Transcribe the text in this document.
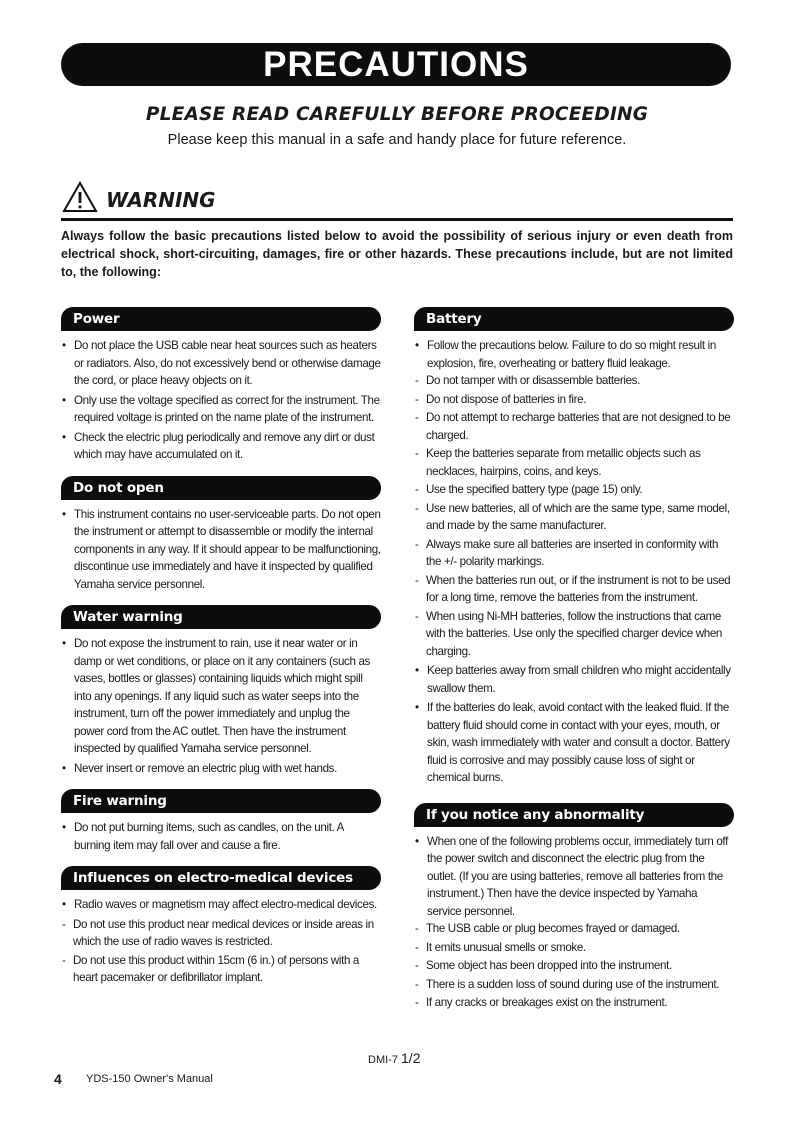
PRECAUTIONS
PLEASE READ CAREFULLY BEFORE PROCEEDING
Please keep this manual in a safe and handy place for future reference.
WARNING
Always follow the basic precautions listed below to avoid the possibility of serious injury or even death from electrical shock, short-circuiting, damages, fire or other hazards. These precautions include, but are not limited to, the following:
Power
• Do not place the USB cable near heat sources such as heaters or radiators. Also, do not excessively bend or otherwise damage the cord, or place heavy objects on it.
• Only use the voltage specified as correct for the instrument. The required voltage is printed on the name plate of the instrument.
• Check the electric plug periodically and remove any dirt or dust which may have accumulated on it.
Do not open
• This instrument contains no user-serviceable parts. Do not open the instrument or attempt to disassemble or modify the internal components in any way. If it should appear to be malfunctioning, discontinue use immediately and have it inspected by qualified Yamaha service personnel.
Water warning
• Do not expose the instrument to rain, use it near water or in damp or wet conditions, or place on it any containers (such as vases, bottles or glasses) containing liquids which might spill into any openings. If any liquid such as water seeps into the instrument, turn off the power immediately and unplug the power cord from the AC outlet. Then have the instrument inspected by qualified Yamaha service personnel.
• Never insert or remove an electric plug with wet hands.
Fire warning
• Do not put burning items, such as candles, on the unit. A burning item may fall over and cause a fire.
Influences on electro-medical devices
• Radio waves or magnetism may affect electro-medical devices.
- Do not use this product near medical devices or inside areas in which the use of radio waves is restricted.
- Do not use this product within 15cm (6 in.) of persons with a heart pacemaker or defibrillator implant.
Battery
• Follow the precautions below. Failure to do so might result in explosion, fire, overheating or battery fluid leakage.
- Do not tamper with or disassemble batteries.
- Do not dispose of batteries in fire.
- Do not attempt to recharge batteries that are not designed to be charged.
- Keep the batteries separate from metallic objects such as necklaces, hairpins, coins, and keys.
- Use the specified battery type (page 15) only.
- Use new batteries, all of which are the same type, same model, and made by the same manufacturer.
- Always make sure all batteries are inserted in conformity with the +/- polarity markings.
- When the batteries run out, or if the instrument is not to be used for a long time, remove the batteries from the instrument.
- When using Ni-MH batteries, follow the instructions that came with the batteries. Use only the specified charger device when charging.
• Keep batteries away from small children who might accidentally swallow them.
• If the batteries do leak, avoid contact with the leaked fluid. If the battery fluid should come in contact with your eyes, mouth, or skin, wash immediately with water and consult a doctor. Battery fluid is corrosive and may possibly cause loss of sight or chemical burns.
If you notice any abnormality
• When one of the following problems occur, immediately turn off the power switch and disconnect the electric plug from the outlet. (If you are using batteries, remove all batteries from the instrument.) Then have the device inspected by Yamaha service personnel.
- The USB cable or plug becomes frayed or damaged.
- It emits unusual smells or smoke.
- Some object has been dropped into the instrument.
- There is a sudden loss of sound during use of the instrument.
- If any cracks or breakages exist on the instrument.
DMI-7 1/2
4 YDS-150 Owner's Manual
